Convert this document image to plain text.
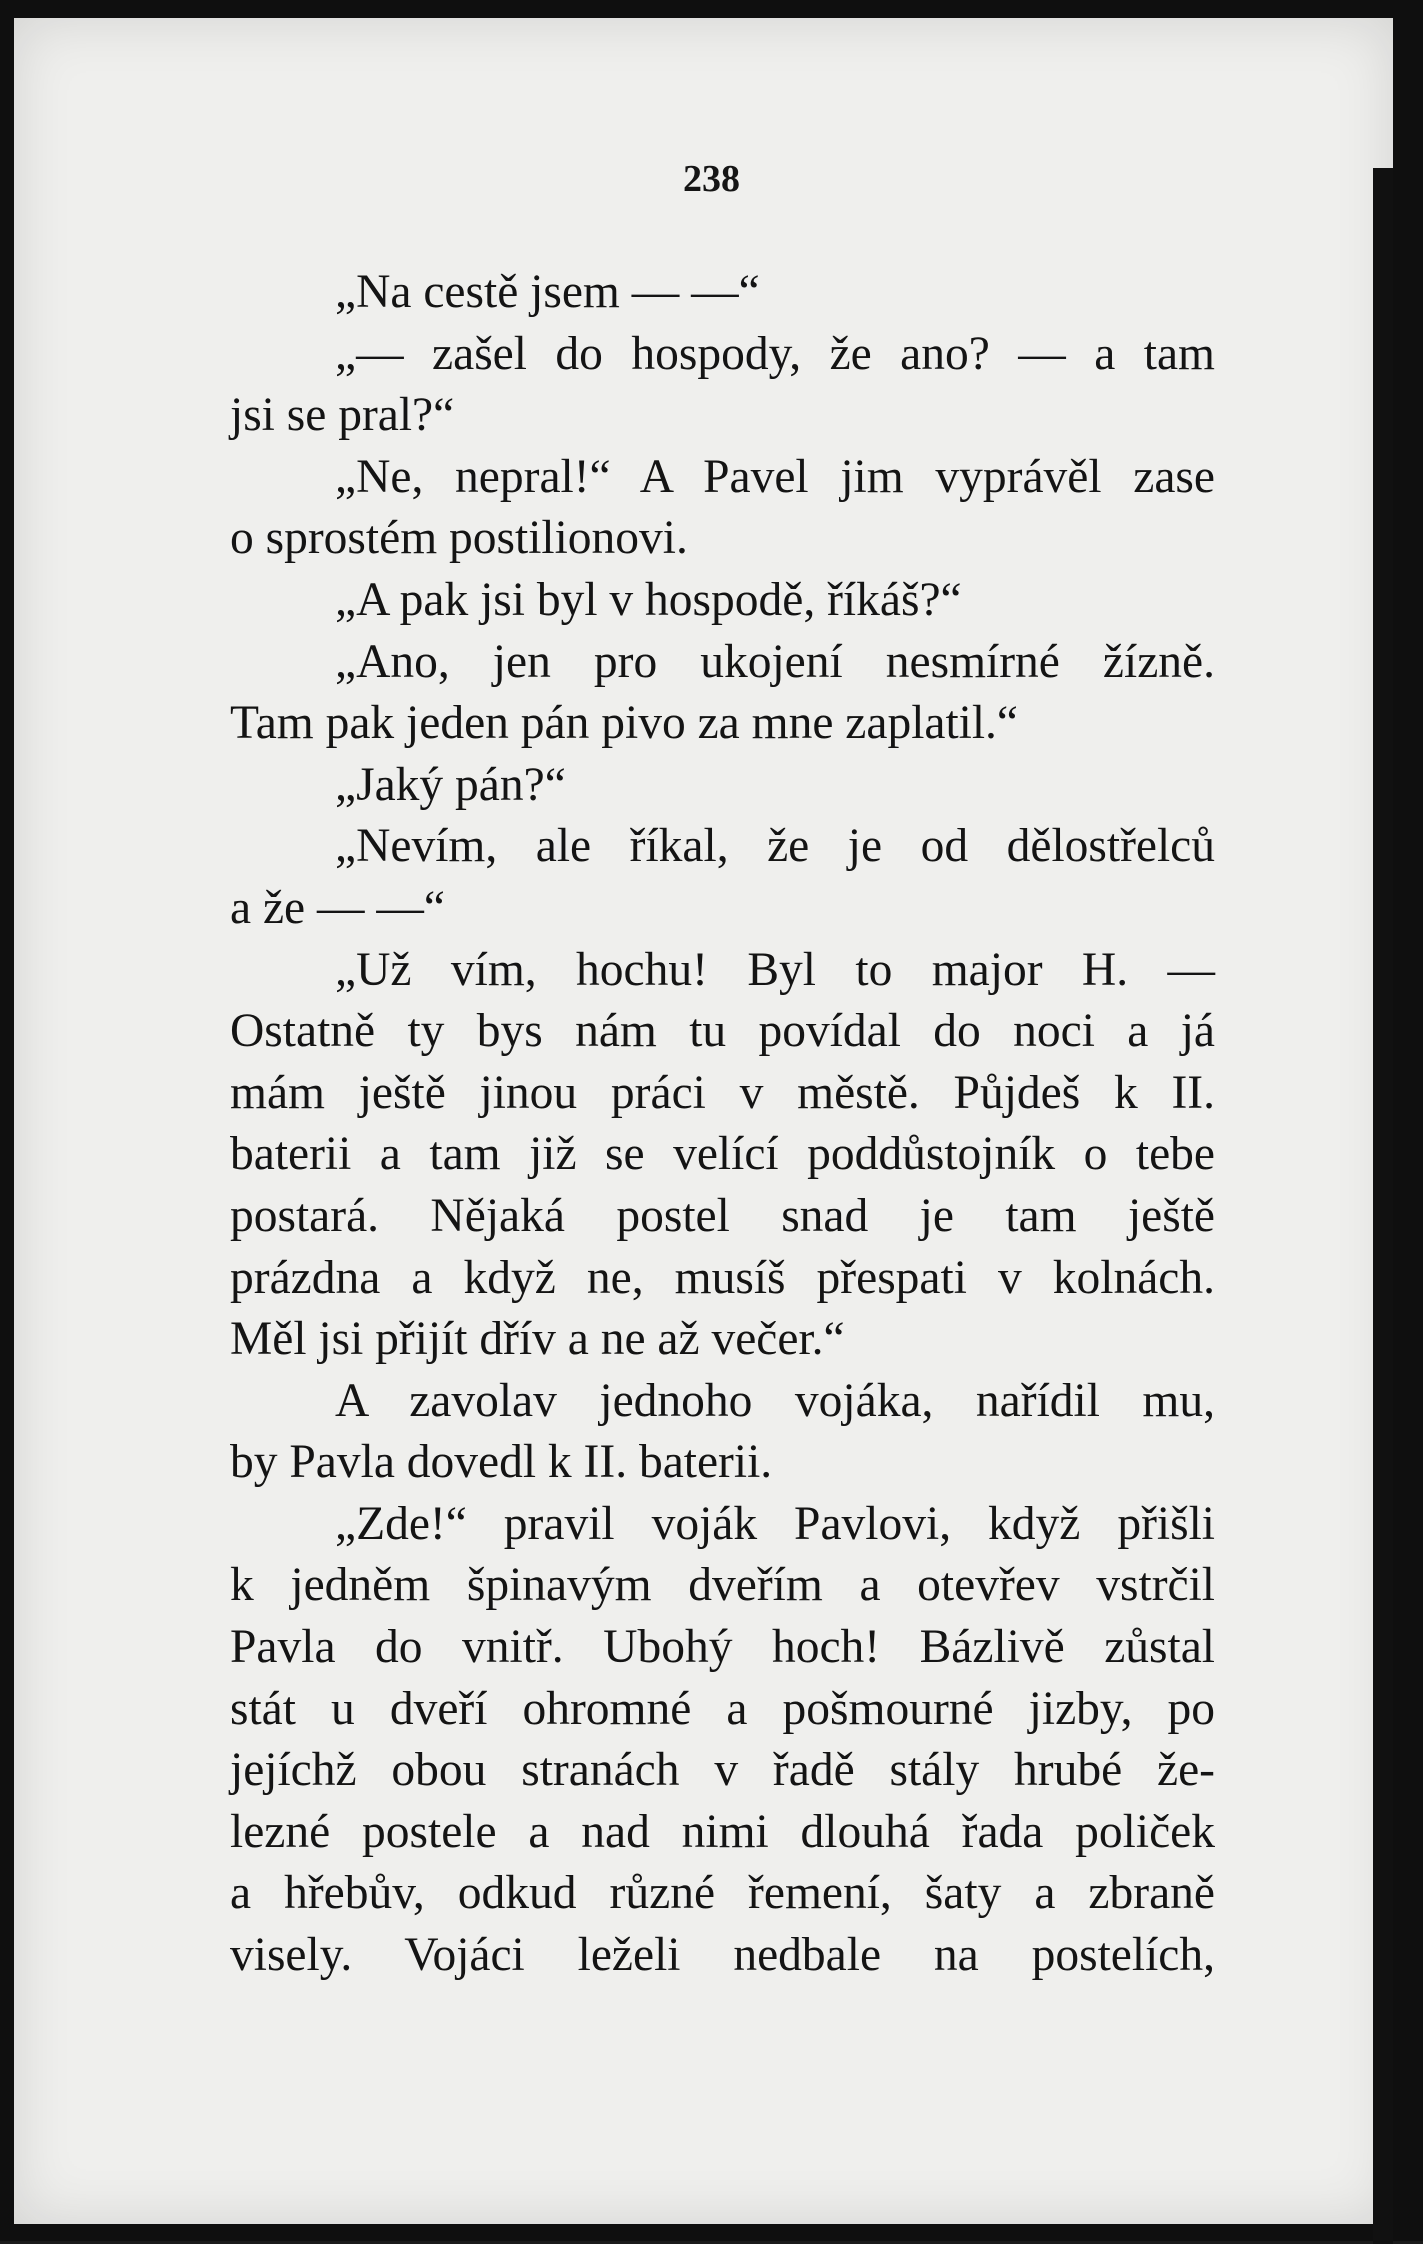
238
„Na cestě jsem — —“
„— zašel do hospody, že ano? — a tam
jsi se pral?“
„Ne, nepral!“ A Pavel jim vyprávěl zase
o sprostém postilionovi.
„A pak jsi byl v hospodě, říkáš?“
„Ano, jen pro ukojení nesmírné žízně.
Tam pak jeden pán pivo za mne zaplatil.“
„Jaký pán?“
„Nevím, ale říkal, že je od dělostřelců
a že — —“
„Už vím, hochu! Byl to major H. —
Ostatně ty bys nám tu povídal do noci a já
mám ještě jinou práci v městě. Půjdeš k II.
baterii a tam již se velící poddůstojník o tebe
postará. Nějaká postel snad je tam ještě
prázdna a když ne, musíš přespati v kolnách.
Měl jsi přijít dřív a ne až večer.“
A zavolav jednoho vojáka, nařídil mu,
by Pavla dovedl k II. baterii.
„Zde!“ pravil voják Pavlovi, když přišli
k jedněm špinavým dveřím a otevřev vstrčil
Pavla do vnitř. Ubohý hoch! Bázlivě zůstal
stát u dveří ohromné a pošmourné jizby, po
jejíchž obou stranách v řadě stály hrubé že-
lezné postele a nad nimi dlouhá řada poliček
a hřebův, odkud různé řemení, šaty a zbraně
visely. Vojáci leželi nedbale na postelích,
